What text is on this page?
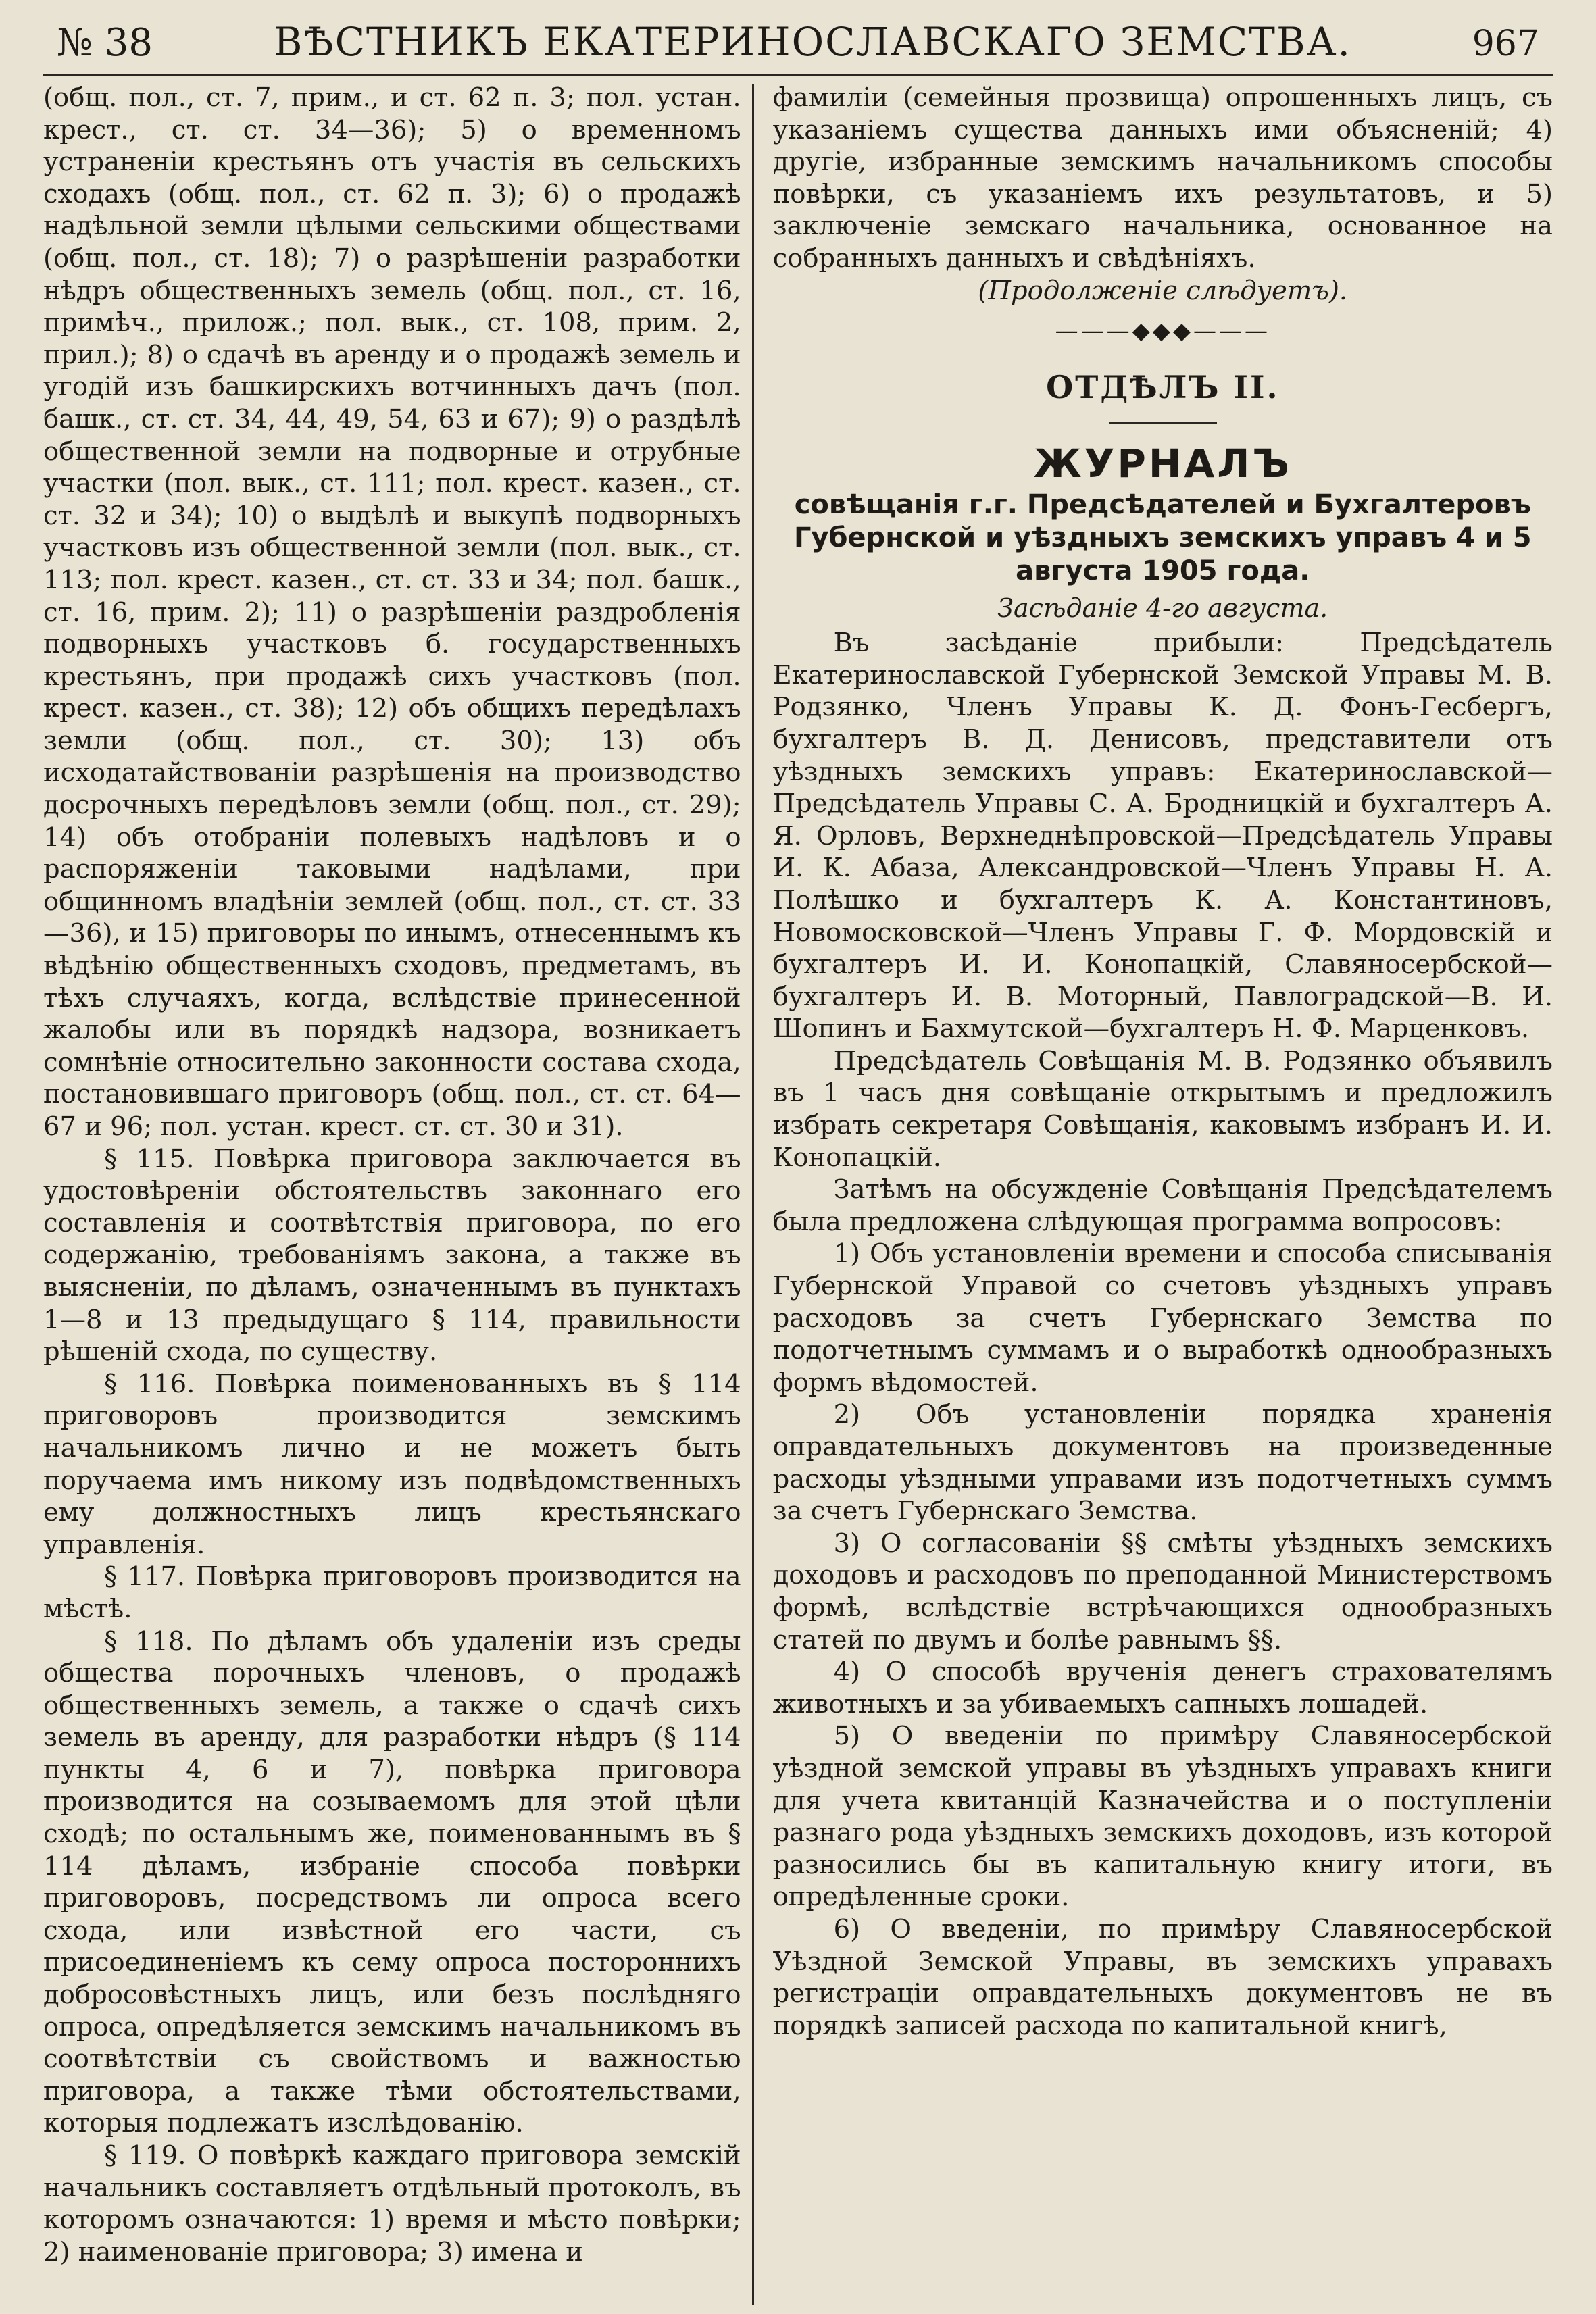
№ 38	ВѢСТНИКЪ ЕКАТЕРИНОСЛАВСКАГО ЗЕМСТВА.	967

(общ. пол., ст. 7, прим., и ст. 62 п. 3; пол. устан. крест., ст. ст. 34—36); 5) о временномъ устраненіи крестьянъ отъ участія въ сельскихъ сходахъ (общ. пол., ст. 62 п. 3); 6) о продажѣ надѣльной земли цѣлыми сельскими обществами (общ. пол., ст. 18); 7) о разрѣшеніи разработки нѣдръ общественныхъ земель (общ. пол., ст. 16, примѣч., прилож.; пол. вык., ст. 108, прим. 2, прил.); 8) о сдачѣ въ аренду и о продажѣ земель и угодій изъ башкирскихъ вотчинныхъ дачъ (пол. башк., ст. ст. 34, 44, 49, 54, 63 и 67); 9) о раздѣлѣ общественной земли на подворные и отрубные участки (пол. вык., ст. 111; пол. крест. казен., ст. ст. 32 и 34); 10) о выдѣлѣ и выкупѣ подворныхъ участковъ изъ общественной земли (пол. вык., ст. 113; пол. крест. казен., ст. ст. 33 и 34; пол. башк., ст. 16, прим. 2); 11) о разрѣшеніи раздробленія подворныхъ участковъ б. государственныхъ крестьянъ, при продажѣ сихъ участковъ (пол. крест. казен., ст. 38); 12) объ общихъ передѣлахъ земли (общ. пол., ст. 30); 13) объ исходатайствованіи разрѣшенія на производство досрочныхъ передѣловъ земли (общ. пол., ст. 29); 14) объ отобраніи полевыхъ надѣловъ и о распоряженіи таковыми надѣлами, при общинномъ владѣніи землей (общ. пол., ст. ст. 33—36), и 15) приговоры по инымъ, отнесеннымъ къ вѣдѣнію общественныхъ сходовъ, предметамъ, въ тѣхъ случаяхъ, когда, вслѣдствіе принесенной жалобы или въ порядкѣ надзора, возникаетъ сомнѣніе относительно законности состава схода, постановившаго приговоръ (общ. пол., ст. ст. 64—67 и 96; пол. устан. крест. ст. ст. 30 и 31).

§ 115. Повѣрка приговора заключается въ удостовѣреніи обстоятельствъ законнаго его составленія и соотвѣтствія приговора, по его содержанію, требованіямъ закона, а также въ выясненіи, по дѣламъ, означеннымъ въ пунктахъ 1—8 и 13 предыдущаго § 114, правильности рѣшеній схода, по существу.

§ 116. Повѣрка поименованныхъ въ § 114 приговоровъ производится земскимъ начальникомъ лично и не можетъ быть поручаема имъ никому изъ подвѣдомственныхъ ему должностныхъ лицъ крестьянскаго управленія.

§ 117. Повѣрка приговоровъ производится на мѣстѣ.

§ 118. По дѣламъ объ удаленіи изъ среды общества порочныхъ членовъ, о продажѣ общественныхъ земель, а также о сдачѣ сихъ земель въ аренду, для разработки нѣдръ (§ 114 пункты 4, 6 и 7), повѣрка приговора производится на созываемомъ для этой цѣли сходѣ; по остальнымъ же, поименованнымъ въ § 114 дѣламъ, избраніе способа повѣрки приговоровъ, посредствомъ ли опроса всего схода, или извѣстной его части, съ присоединеніемъ къ сему опроса постороннихъ добросовѣстныхъ лицъ, или безъ послѣдняго опроса, опредѣляется земскимъ начальникомъ въ соотвѣтствіи съ свойствомъ и важностью приговора, а также тѣми обстоятельствами, которыя подлежатъ изслѣдованію.

§ 119. О повѣркѣ каждаго приговора земскій начальникъ составляетъ отдѣльный протоколъ, въ которомъ означаются: 1) время и мѣсто повѣрки; 2) наименованіе приговора; 3) имена и

фамиліи (семейныя прозвища) опрошенныхъ лицъ, съ указаніемъ существа данныхъ ими объясненій; 4) другіе, избранные земскимъ начальникомъ способы повѣрки, съ указаніемъ ихъ результатовъ, и 5) заключеніе земскаго начальника, основанное на собранныхъ данныхъ и свѣдѣніяхъ.

(Продолженіе слѣдуетъ).

———◆◆◆———
ОТДѢЛЪ II.
ЖУРНАЛЪ
совѣщанія г.г. Предсѣдателей и Бухгалтеровъ Губернской и уѣздныхъ земскихъ управъ 4 и 5 августа 1905 года.
Засѣданіе 4-го августа.

Въ засѣданіе прибыли: Предсѣдатель Екатеринославской Губернской Земской Управы М. В. Родзянко, Членъ Управы К. Д. Фонъ-Гесбергъ, бухгалтеръ В. Д. Денисовъ, представители отъ уѣздныхъ земскихъ управъ: Екатеринославской—Предсѣдатель Управы С. А. Бродницкій и бухгалтеръ А. Я. Орловъ, Верхнеднѣпровской—Предсѣдатель Управы И. К. Абаза, Александровской—Членъ Управы Н. А. Полѣшко и бухгалтеръ К. А. Константиновъ, Новомосковской—Членъ Управы Г. Ф. Мордовскій и бухгалтеръ И. И. Конопацкій, Славяносербской—бухгалтеръ И. В. Моторный, Павлоградской—В. И. Шопинъ и Бахмутской—бухгалтеръ Н. Ф. Марценковъ.

Предсѣдатель Совѣщанія М. В. Родзянко объявилъ въ 1 часъ дня совѣщаніе открытымъ и предложилъ избрать секретаря Совѣщанія, каковымъ избранъ И. И. Конопацкій.

Затѣмъ на обсужденіе Совѣщанія Предсѣдателемъ была предложена слѣдующая программа вопросовъ:

1) Объ установленіи времени и способа списыванія Губернской Управой со счетовъ уѣздныхъ управъ расходовъ за счетъ Губернскаго Земства по подотчетнымъ суммамъ и о выработкѣ однообразныхъ формъ вѣдомостей.

2) Объ установленіи порядка храненія оправдательныхъ документовъ на произведенные расходы уѣздными управами изъ подотчетныхъ суммъ за счетъ Губернскаго Земства.

3) О согласованіи §§ смѣты уѣздныхъ земскихъ доходовъ и расходовъ по преподанной Министерствомъ формѣ, вслѣдствіе встрѣчающихся однообразныхъ статей по двумъ и болѣе равнымъ §§.

4) О способѣ врученія денегъ страхователямъ животныхъ и за убиваемыхъ сапныхъ лошадей.

5) О введеніи по примѣру Славяносербской уѣздной земской управы въ уѣздныхъ управахъ книги для учета квитанцій Казначейства и о поступленіи разнаго рода уѣздныхъ земскихъ доходовъ, изъ которой разносились бы въ капитальную книгу итоги, въ опредѣленные сроки.

6) О введеніи, по примѣру Славяносербской Уѣздной Земской Управы, въ земскихъ управахъ регистраціи оправдательныхъ документовъ не въ порядкѣ записей расхода по капитальной книгѣ,
